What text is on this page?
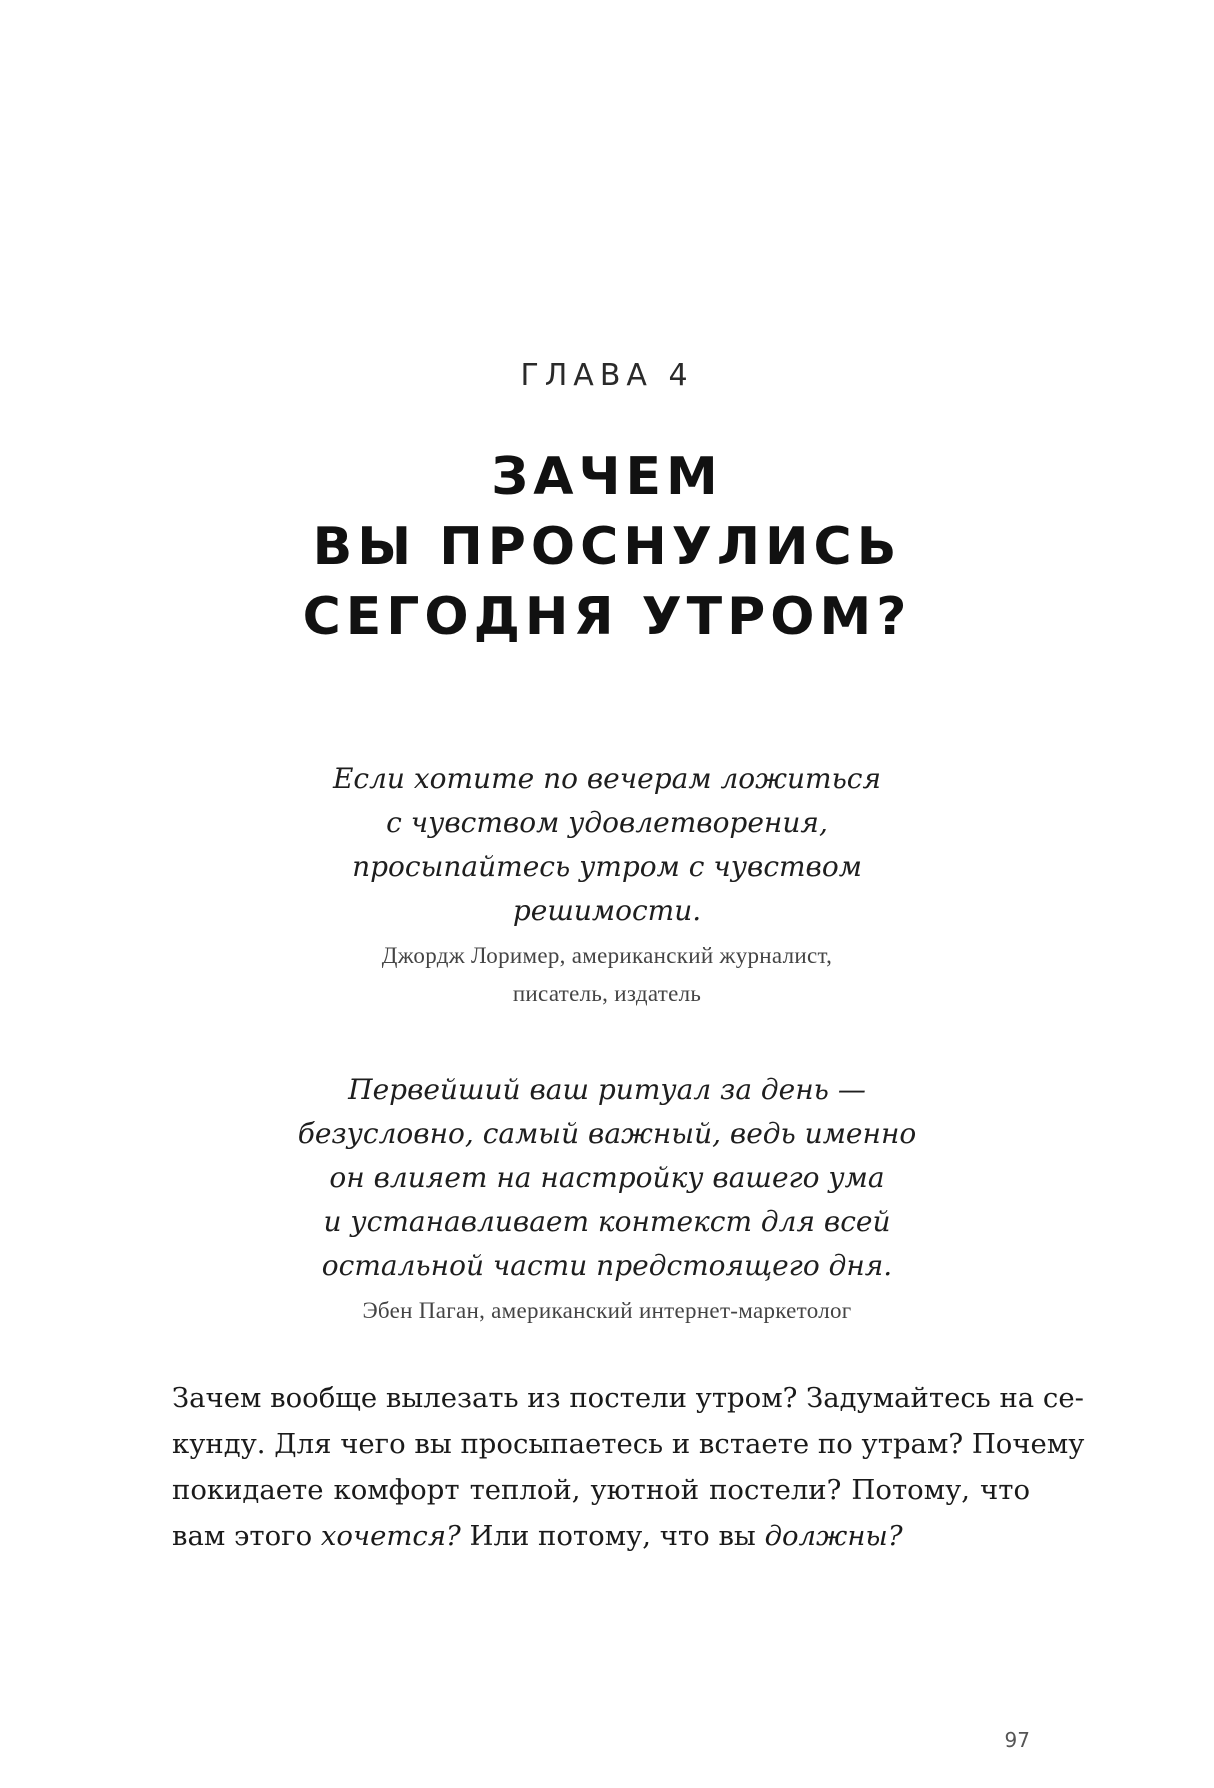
ГЛАВА 4
ЗАЧЕМ
ВЫ ПРОСНУЛИСЬ
СЕГОДНЯ УТРОМ?
Если хотите по вечерам ложиться
с чувством удовлетворения,
просыпайтесь утром с чувством
решимости.
Джордж Лоример, американский журналист,
писатель, издатель
Первейший ваш ритуал за день —
безусловно, самый важный, ведь именно
он влияет на настройку вашего ума
и устанавливает контекст для всей
остальной части предстоящего дня.
Эбен Паган, американский интернет-маркетолог
Зачем вообще вылезать из постели утром? Задумайтесь на се-
кунду. Для чего вы просыпаетесь и встаете по утрам? Почему
покидаете комфорт теплой, уютной постели? Потому, что
вам этого хочется? Или потому, что вы должны?
97
